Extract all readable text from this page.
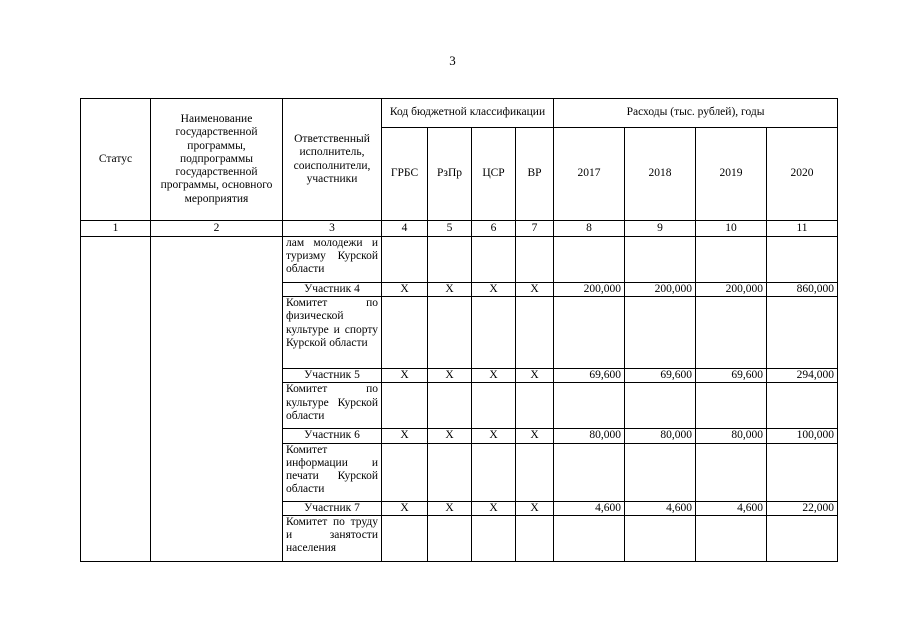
3
Статус	Наименование государственной программы, подпрограммы государственной программы, основного мероприятия	Ответственный исполнитель, соисполнители, участники	Код бюджетной классификации				Расходы (тыс. рублей), годы			
			ГРБС	РзПр	ЦСР	ВР	2017	2018	2019	2020
1	2	3	4	5	6	7	8	9	10	11
		лам молодежи и туризму Курской области								
		Участник 4	Х	Х	Х	Х	200,000	200,000	200,000	860,000
		Комитет по физической культуре и спорту Курской области								
		Участник 5	Х	Х	Х	Х	69,600	69,600	69,600	294,000
		Комитет по культуре Курской области								
		Участник 6	Х	Х	Х	Х	80,000	80,000	80,000	100,000
		Комитет информации и печати Курской области								
		Участник 7	Х	Х	Х	Х	4,600	4,600	4,600	22,000
		Комитет по труду и занятости населения								
